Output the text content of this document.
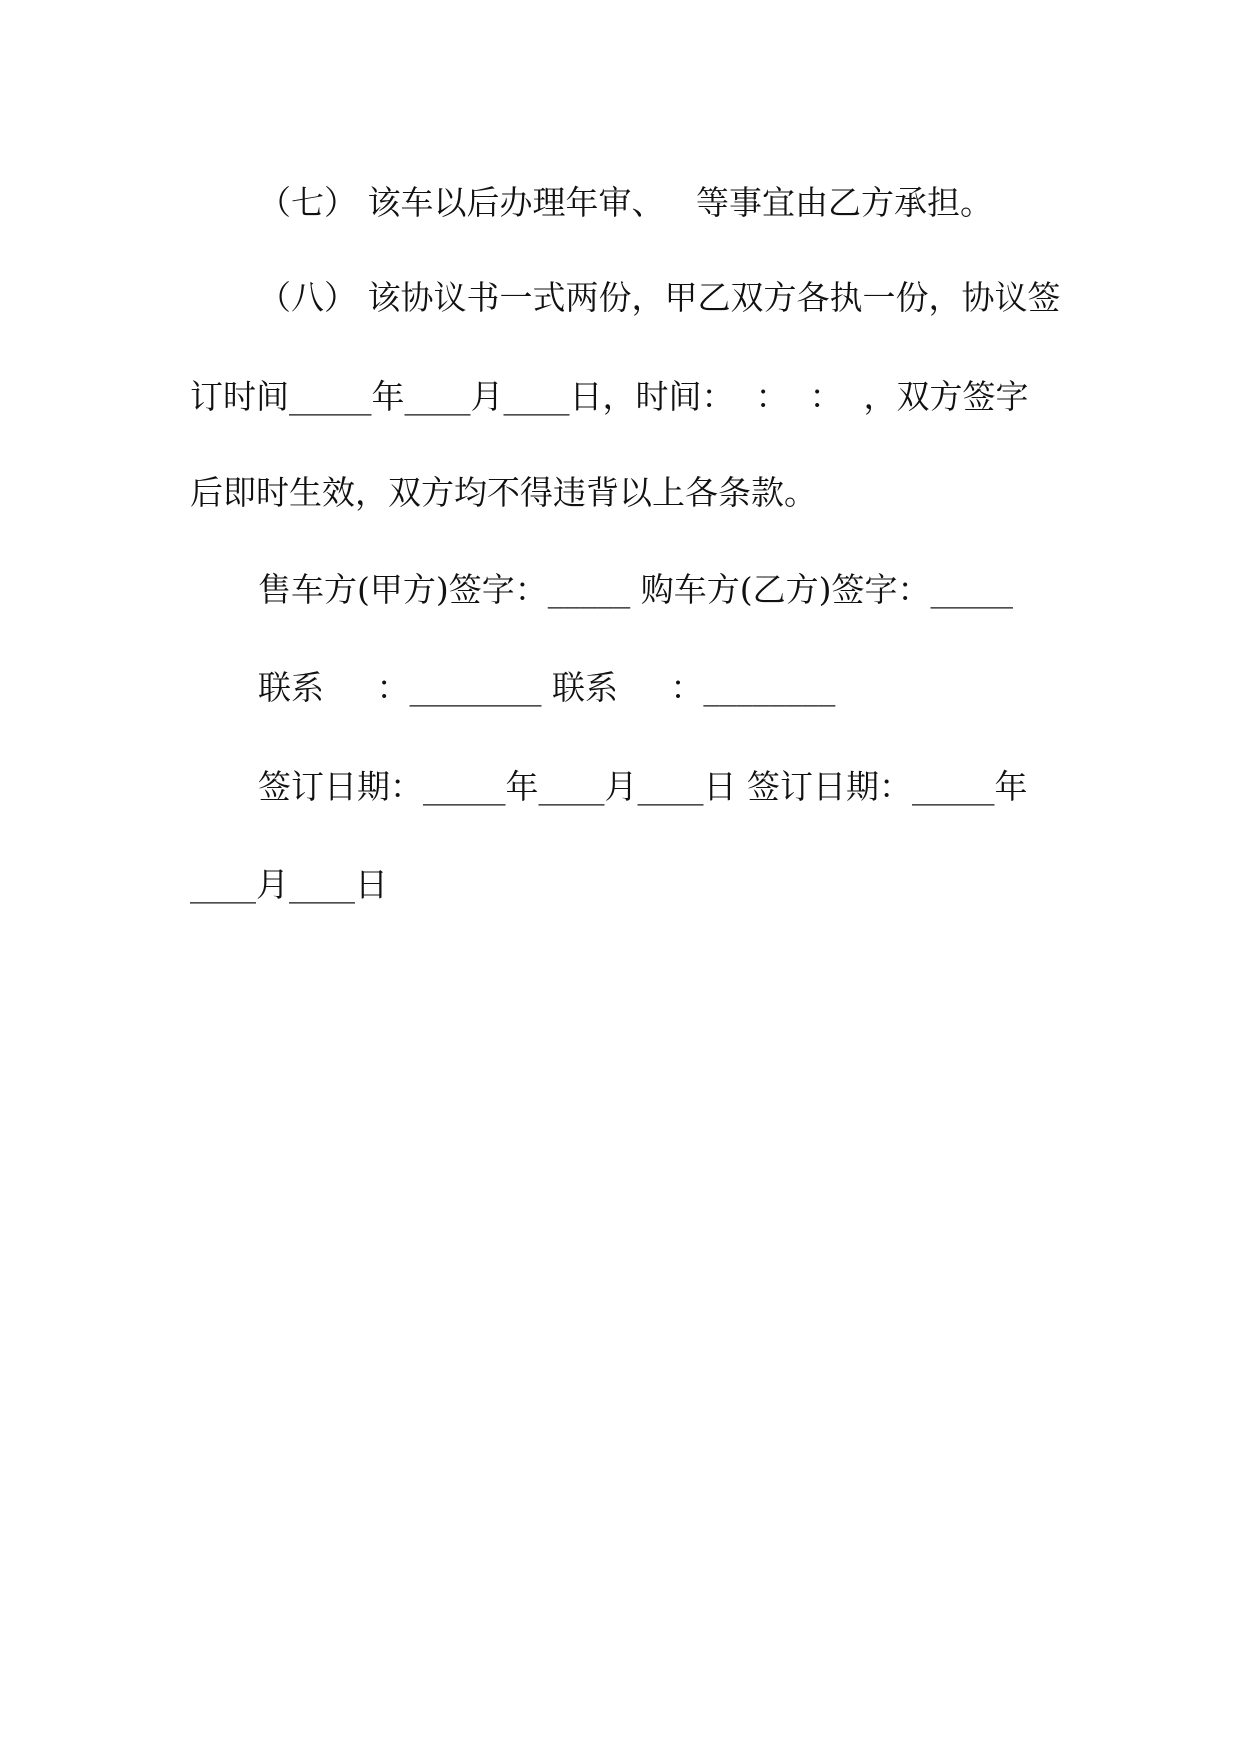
（七） 该车以后办理年审、   等事宜由乙方承担。
（八） 该协议书一式两份，甲乙双方各执一份，协议签
订时间_____年____月____日，时间：  ：  ：  ，双方签字
后即时生效，双方均不得违背以上各条款。
售车方(甲方)签字：_____ 购车方(乙方)签字：_____
联系     ：________ 联系     ：________
签订日期：_____年____月____日 签订日期：_____年
____月____日
